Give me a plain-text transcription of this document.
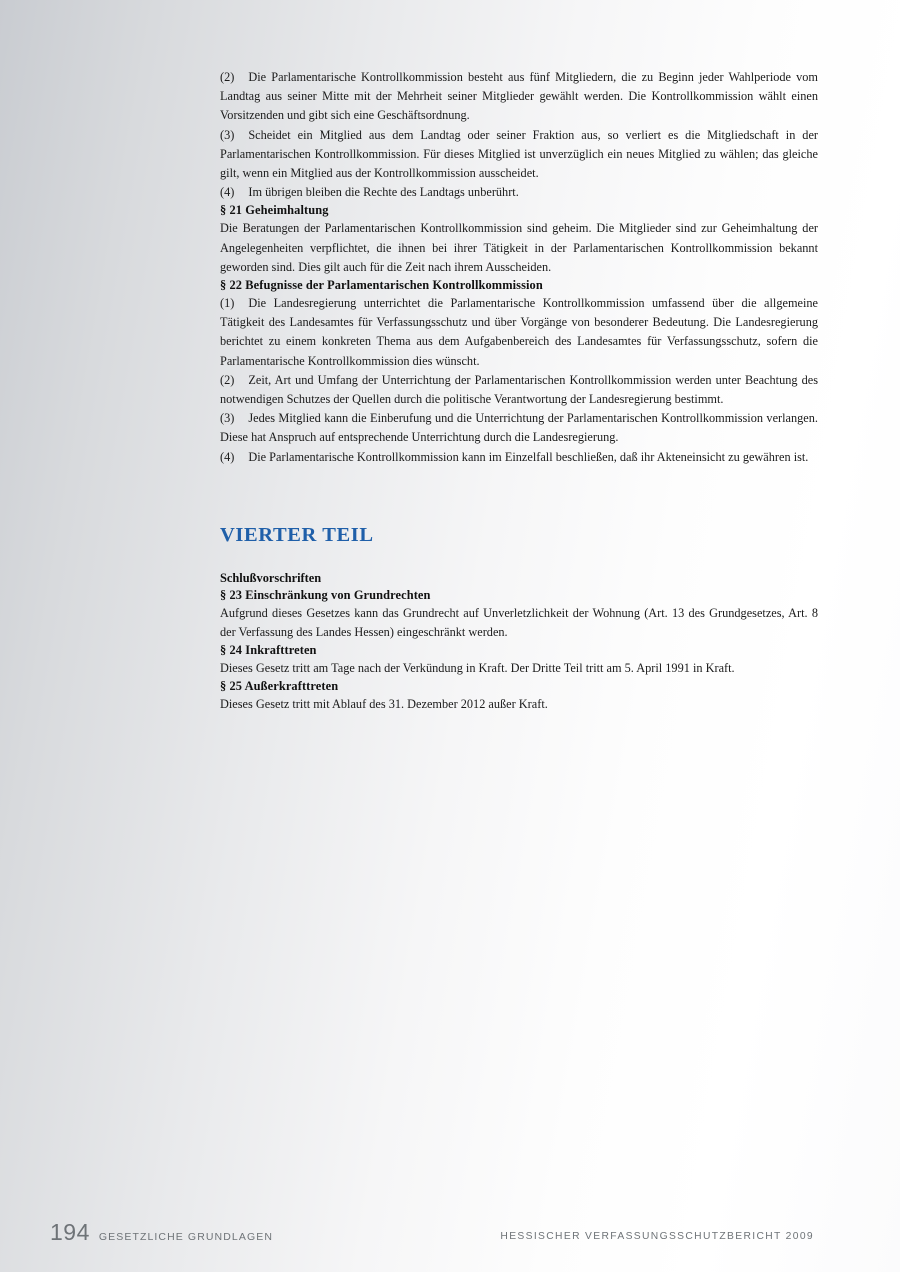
(2) Die Parlamentarische Kontrollkommission besteht aus fünf Mitgliedern, die zu Beginn jeder Wahlperiode vom Landtag aus seiner Mitte mit der Mehrheit seiner Mitglieder gewählt werden. Die Kontrollkommission wählt einen Vorsitzenden und gibt sich eine Geschäftsordnung.

(3) Scheidet ein Mitglied aus dem Landtag oder seiner Fraktion aus, so verliert es die Mitgliedschaft in der Parlamentarischen Kontrollkommission. Für dieses Mitglied ist unverzüglich ein neues Mitglied zu wählen; das gleiche gilt, wenn ein Mitglied aus der Kontrollkommission ausscheidet.

(4) Im übrigen bleiben die Rechte des Landtags unberührt.

§ 21 Geheimhaltung

Die Beratungen der Parlamentarischen Kontrollkommission sind geheim. Die Mitglieder sind zur Geheimhaltung der Angelegenheiten verpflichtet, die ihnen bei ihrer Tätigkeit in der Parlamentarischen Kontrollkommission bekannt geworden sind. Dies gilt auch für die Zeit nach ihrem Ausscheiden.

§ 22 Befugnisse der Parlamentarischen Kontrollkommission

(1) Die Landesregierung unterrichtet die Parlamentarische Kontrollkommission umfassend über die allgemeine Tätigkeit des Landesamtes für Verfassungsschutz und über Vorgänge von besonderer Bedeutung. Die Landesregierung berichtet zu einem konkreten Thema aus dem Aufgabenbereich des Landesamtes für Verfassungsschutz, sofern die Parlamentarische Kontrollkommission dies wünscht.

(2) Zeit, Art und Umfang der Unterrichtung der Parlamentarischen Kontrollkommission werden unter Beachtung des notwendigen Schutzes der Quellen durch die politische Verantwortung der Landesregierung bestimmt.

(3) Jedes Mitglied kann die Einberufung und die Unterrichtung der Parlamentarischen Kontrollkommission verlangen. Diese hat Anspruch auf entsprechende Unterrichtung durch die Landesregierung.

(4) Die Parlamentarische Kontrollkommission kann im Einzelfall beschließen, daß ihr Akteneinsicht zu gewähren ist.

VIERTER TEIL
Schlußvorschriften
§ 23 Einschränkung von Grundrechten

Aufgrund dieses Gesetzes kann das Grundrecht auf Unverletzlichkeit der Wohnung (Art. 13 des Grundgesetzes, Art. 8 der Verfassung des Landes Hessen) eingeschränkt werden.

§ 24 Inkrafttreten

Dieses Gesetz tritt am Tage nach der Verkündung in Kraft. Der Dritte Teil tritt am 5. April 1991 in Kraft.

§ 25 Außerkrafttreten

Dieses Gesetz tritt mit Ablauf des 31. Dezember 2012 außer Kraft.

194 GESETZLICHE GRUNDLAGEN	HESSISCHER VERFASSUNGSSCHUTZBERICHT 2009
